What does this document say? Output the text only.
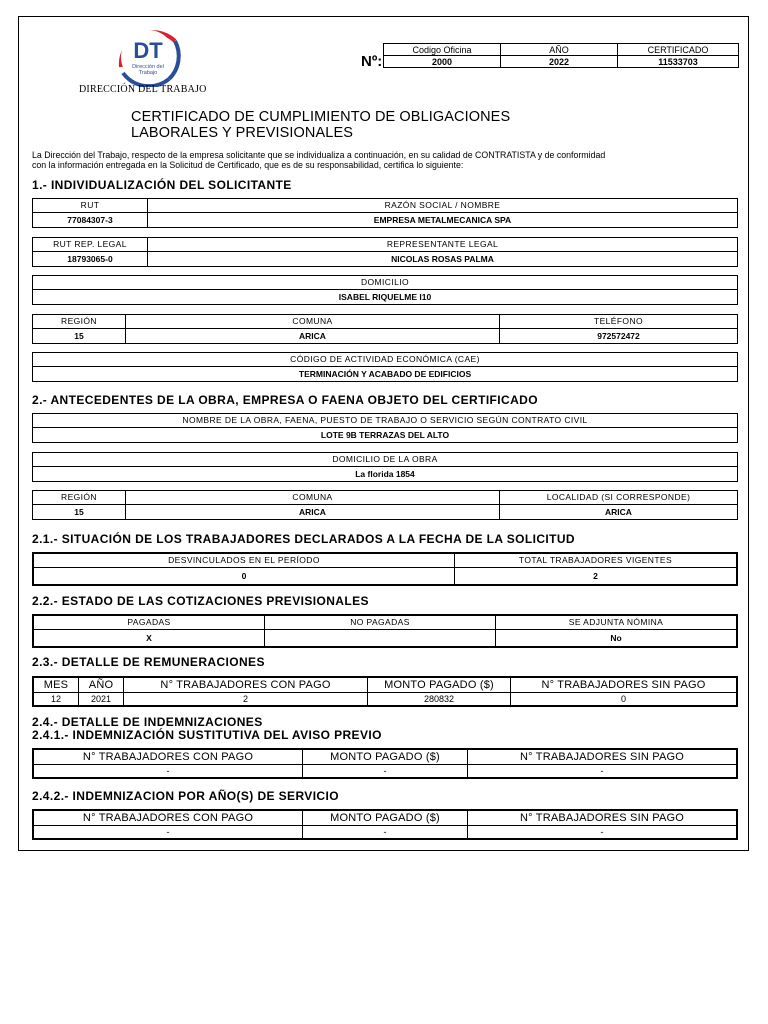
DT
Dirección del
Trabajo
DIRECCIÓN DEL TRABAJO
Nº:
Codigo Oficina	AÑO	CERTIFICADO
2000	2022	11533703
CERTIFICADO DE CUMPLIMIENTO DE OBLIGACIONES
LABORALES Y PREVISIONALES
La Dirección del Trabajo, respecto de la empresa solicitante que se individualiza a continuación, en su calidad de CONTRATISTA y de conformidad
con la información entregada en la Solicitud de Certificado, que es de su responsabilidad, certifica lo siguiente:
1.- INDIVIDUALIZACIÓN DEL SOLICITANTE
RUT	RAZÓN SOCIAL / NOMBRE
77084307-3	EMPRESA METALMECANICA SPA
RUT REP. LEGAL	REPRESENTANTE LEGAL
18793065-0	NICOLAS ROSAS PALMA
DOMICILIO
ISABEL RIQUELME I10
REGIÓN	COMUNA	TELÉFONO
15	ARICA	972572472
CÓDIGO DE ACTIVIDAD ECONÓMICA (CAE)
TERMINACIÓN Y ACABADO DE EDIFICIOS
2.- ANTECEDENTES DE LA OBRA, EMPRESA O FAENA OBJETO DEL CERTIFICADO
NOMBRE DE LA OBRA, FAENA, PUESTO DE TRABAJO O SERVICIO SEGÚN CONTRATO CIVIL
LOTE 9B TERRAZAS DEL ALTO
DOMICILIO DE LA OBRA
La florida 1854
REGIÓN	COMUNA	LOCALIDAD (SI CORRESPONDE)
15	ARICA	ARICA
2.1.- SITUACIÓN DE LOS TRABAJADORES DECLARADOS A LA FECHA DE LA SOLICITUD
DESVINCULADOS EN EL PERÍODO	TOTAL TRABAJADORES VIGENTES
0	2
2.2.- ESTADO DE LAS COTIZACIONES PREVISIONALES
PAGADAS	NO PAGADAS	SE ADJUNTA NÓMINA
X		No
2.3.- DETALLE DE REMUNERACIONES
MES	AÑO	N° TRABAJADORES CON PAGO	MONTO PAGADO ($)	N° TRABAJADORES SIN PAGO
12	2021	2	280832	0
2.4.- DETALLE DE INDEMNIZACIONES
2.4.1.- INDEMNIZACIÓN SUSTITUTIVA DEL AVISO PREVIO
N° TRABAJADORES CON PAGO	MONTO PAGADO ($)	N° TRABAJADORES SIN PAGO
-	-	-
2.4.2.- INDEMNIZACION POR AÑO(S) DE SERVICIO
N° TRABAJADORES CON PAGO	MONTO PAGADO ($)	N° TRABAJADORES SIN PAGO
-	-	-
